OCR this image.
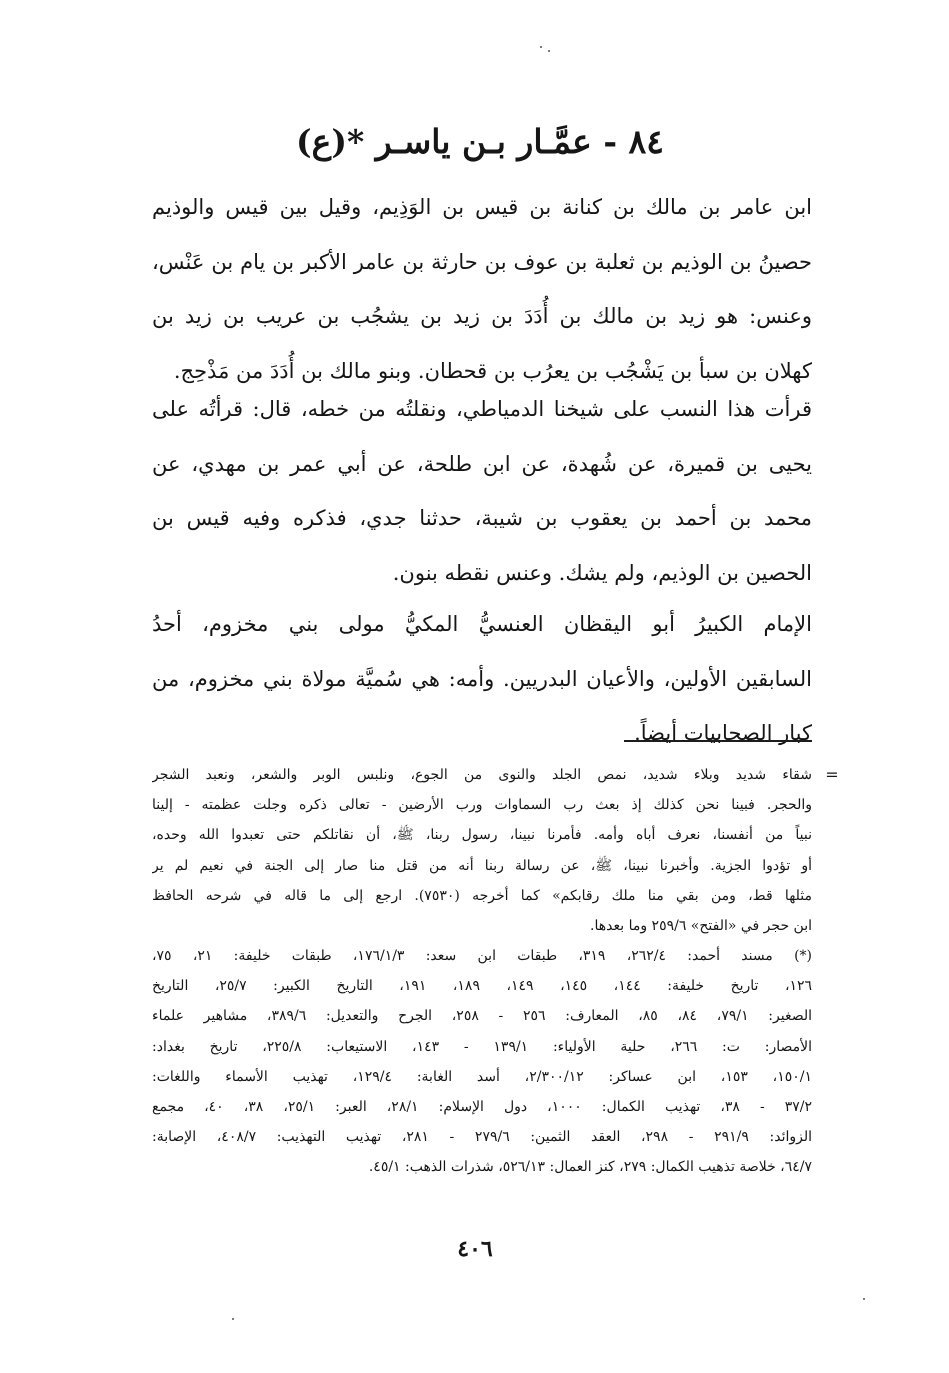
٨٤ - عمَّـار بـن ياسـر *(ع)
ابن عامر بن مالك بن كنانة بن قيس بن الوَذِيم، وقيل بين قيس والوذيم
حصينُ بن الوذيم بن ثعلبة بن عوف بن حارثة بن عامر الأكبر بن يام بن عَنْس،
وعنس: هو زيد بن مالك بن أُدَدَ بن زيد بن يشجُب بن عريب بن زيد بن
كهلان بن سبأ بن يَشْجُب بن يعرُب بن قحطان. وبنو مالك بن أُدَدَ من مَذْحِج.
قرأت هذا النسب على شيخنا الدمياطي، ونقلتُه من خطه، قال: قرأتُه على
يحيى بن قميرة، عن شُهدة، عن ابن طلحة، عن أبي عمر بن مهدي، عن
محمد بن أحمد بن يعقوب بن شيبة، حدثنا جدي، فذكره وفيه قيس بن
الحصين بن الوذيم، ولم يشك. وعنس نقطه بنون.
الإمام الكبيرُ أبو اليقظان العنسيُّ المكيُّ مولى بني مخزوم، أحدُ
السابقين الأولين، والأعيان البدريين. وأمه: هي سُميَّة مولاة بني مخزوم، من
كبار الصحابيات أيضاً.
=
شقاء شديد وبلاء شديد، نمص الجلد والنوى من الجوع، ونلبس الوبر والشعر، ونعبد الشجر
والحجر. فبينا نحن كذلك إذ بعث رب السماوات ورب الأرضين - تعالى ذكره وجلت عظمته - إلينا
نبياً من أنفسنا، نعرف أباه وأمه. فأمرنا نبينا، رسول ربنا، ﷺ، أن نقاتلكم حتى تعبدوا الله وحده،
أو تؤدوا الجزية. وأخبرنا نبينا، ﷺ، عن رسالة ربنا أنه من قتل منا صار إلى الجنة في نعيم لم ير
مثلها قط، ومن بقي منا ملك رقابكم» كما أخرجه (٧٥٣٠). ارجع إلى ما قاله في شرحه الحافظ
ابن حجر في «الفتح» ٢٥٩/٦ وما بعدها.
(*) مسند أحمد: ٢٦٢/٤، ٣١٩، طبقات ابن سعد: ١٧٦/١/٣، طبقات خليفة: ٢١، ٧٥،
١٢٦، تاريخ خليفة: ١٤٤، ١٤٥، ١٤٩، ١٨٩، ١٩١، التاريخ الكبير: ٢٥/٧، التاريخ
الصغير: ٧٩/١، ٨٤، ٨٥، المعارف: ٢٥٦ - ٢٥٨، الجرح والتعديل: ٣٨٩/٦، مشاهير علماء
الأمصار: ت: ٢٦٦، حلية الأولياء: ١٣٩/١ - ١٤٣، الاستيعاب: ٢٢٥/٨، تاريخ بغداد:
١٥٠/١، ١٥٣، ابن عساكر: ٢/٣٠٠/١٢، أسد الغابة: ١٢٩/٤، تهذيب الأسماء واللغات:
٣٧/٢ - ٣٨، تهذيب الكمال: ١٠٠٠، دول الإسلام: ٢٨/١، العبر: ٢٥/١، ٣٨، ٤٠، مجمع
الزوائد: ٢٩١/٩ - ٢٩٨، العقد الثمين: ٢٧٩/٦ - ٢٨١، تهذيب التهذيب: ٤٠٨/٧، الإصابة:
٦٤/٧، خلاصة تذهيب الكمال: ٢٧٩، كنز العمال: ٥٢٦/١٣، شذرات الذهب: ٤٥/١.
٤٠٦
